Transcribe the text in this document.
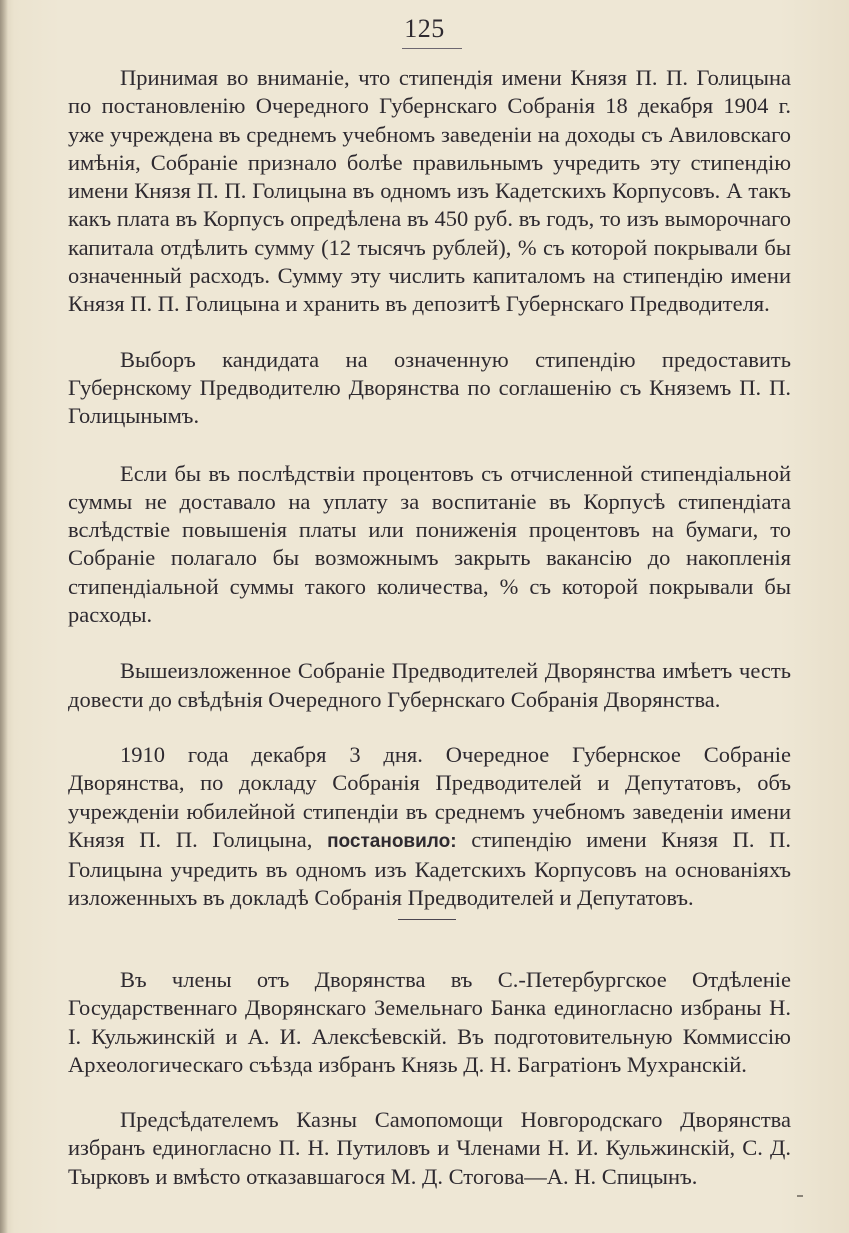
125

Принимая во вниманіе, что стипендія имени Князя П. П. Голицына по постановленію Очередного Губернскаго Собранія 18 декабря 1904 г. уже учреждена въ среднемъ учебномъ заведеніи на доходы съ Авиловскаго имѣнія, Собраніе признало болѣе правильнымъ учредить эту стипендію имени Князя П. П. Голицына въ одномъ изъ Кадетскихъ Корпусовъ. А такъ какъ плата въ Корпусъ опредѣлена въ 450 руб. въ годъ, то изъ выморочнаго капитала отдѣлить сумму (12 тысячъ рублей), % съ которой покрывали бы означенный расходъ. Сумму эту числить капиталомъ на стипендію имени Князя П. П. Голицына и хранить въ депозитѣ Губернскаго Предводителя.

Выборъ кандидата на означенную стипендію предоставить Губернскому Предводителю Дворянства по соглашенію съ Княземъ П. П. Голицынымъ.

Если бы въ послѣдствіи процентовъ съ отчисленной стипендіальной суммы не доставало на уплату за воспитаніе въ Корпусѣ стипендіата вслѣдствіе повышенія платы или пониженія процентовъ на бумаги, то Собраніе полагало бы возможнымъ закрыть вакансію до накопленія стипендіальной суммы такого количества, % съ которой покрывали бы расходы.

Вышеизложенное Собраніе Предводителей Дворянства имѣетъ честь довести до свѣдѣнія Очередного Губернскаго Собранія Дворянства.

1910 года декабря 3 дня. Очередное Губернское Собраніе Дворянства, по докладу Собранія Предводителей и Депутатовъ, объ учрежденіи юбилейной стипендіи въ среднемъ учебномъ заведеніи имени Князя П. П. Голицына, постановило: стипендію имени Князя П. П. Голицына учредить въ одномъ изъ Кадетскихъ Корпусовъ на основаніяхъ изложенныхъ въ докладѣ Собранія Предводителей и Депутатовъ.

Въ члены отъ Дворянства въ С.-Петербургское Отдѣленіе Государственнаго Дворянскаго Земельнаго Банка единогласно избраны Н. І. Кульжинскій и А. И. Алексѣевскій. Въ подготовительную Коммиссію Археологическаго съѣзда избранъ Князь Д. Н. Багратіонъ Мухранскій.

Предсѣдателемъ Казны Самопомощи Новгородскаго Дворянства избранъ единогласно П. Н. Путиловъ и Членами Н. И. Кульжинскій, С. Д. Тырковъ и вмѣсто отказавшагося М. Д. Стогова—А. Н. Спицынъ.
